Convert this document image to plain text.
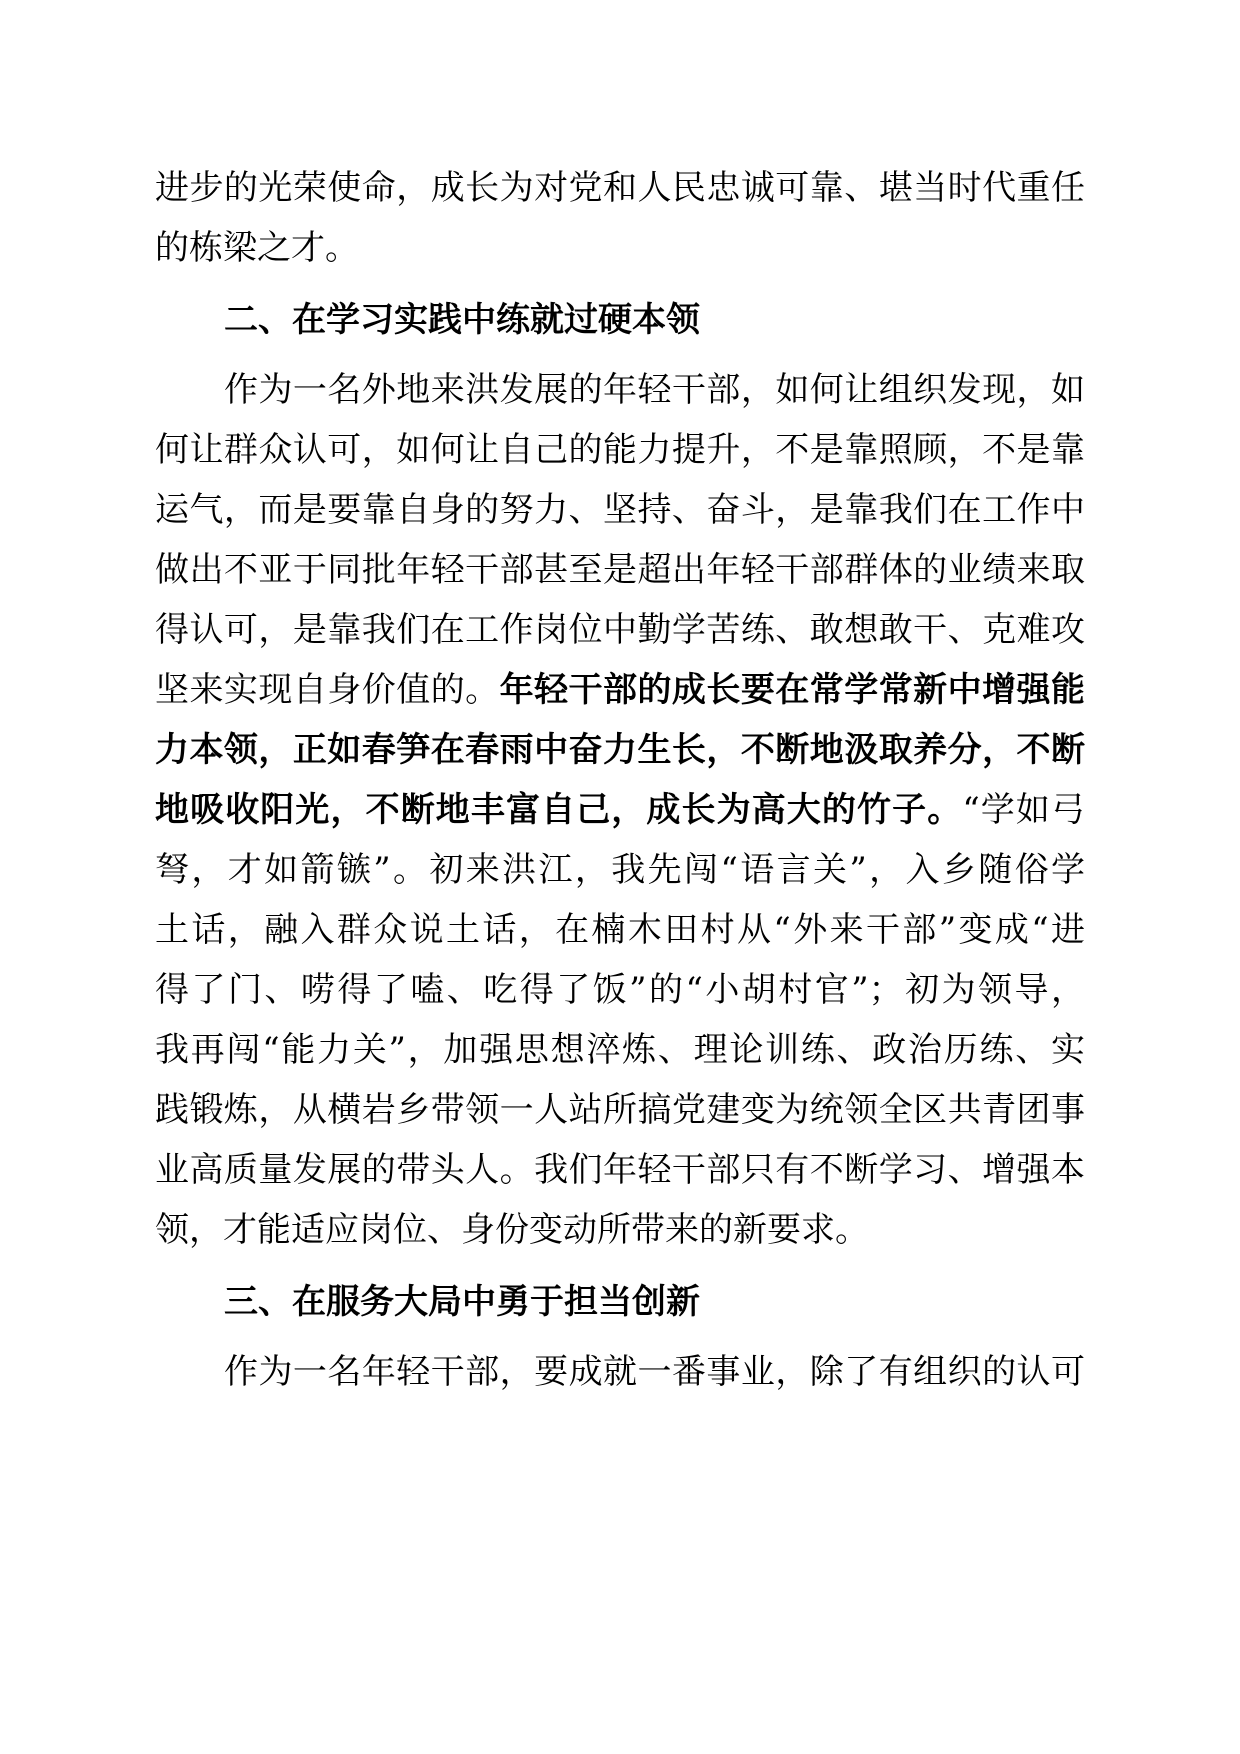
进步的光荣使命，成长为对党和人民忠诚可靠、堪当时代重任
的栋梁之才。
二、在学习实践中练就过硬本领
作为一名外地来洪发展的年轻干部，如何让组织发现，如
何让群众认可，如何让自己的能力提升，不是靠照顾，不是靠
运气，而是要靠自身的努力、坚持、奋斗，是靠我们在工作中
做出不亚于同批年轻干部甚至是超出年轻干部群体的业绩来取
得认可，是靠我们在工作岗位中勤学苦练、敢想敢干、克难攻
坚来实现自身价值的。年轻干部的成长要在常学常新中增强能
力本领，正如春笋在春雨中奋力生长，不断地汲取养分，不断
地吸收阳光，不断地丰富自己，成长为高大的竹子。“学如弓
弩，才如箭镞”。初来洪江，我先闯“语言关”，入乡随俗学
土话，融入群众说土话，在楠木田村从“外来干部”变成“进
得了门、唠得了嗑、吃得了饭”的“小胡村官”；初为领导，
我再闯“能力关”，加强思想淬炼、理论训练、政治历练、实
践锻炼，从横岩乡带领一人站所搞党建变为统领全区共青团事
业高质量发展的带头人。我们年轻干部只有不断学习、增强本
领，才能适应岗位、身份变动所带来的新要求。
三、在服务大局中勇于担当创新
作为一名年轻干部，要成就一番事业，除了有组织的认可
